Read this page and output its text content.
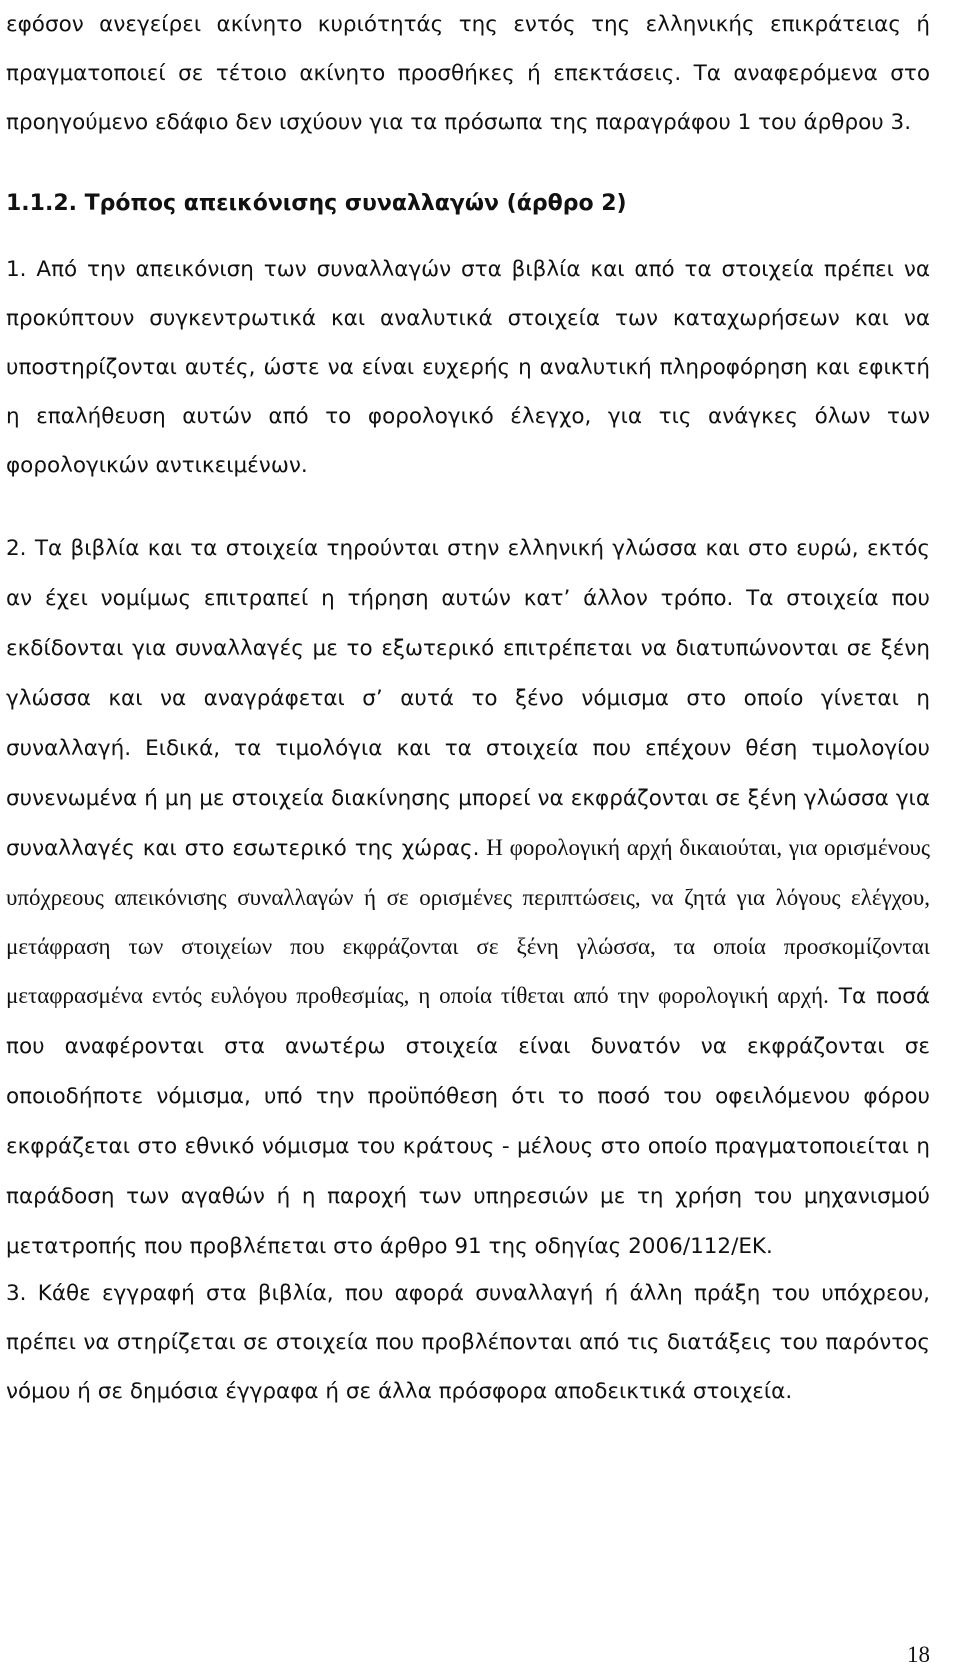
εφόσον ανεγείρει ακίνητο κυριότητάς της εντός της ελληνικής επικράτειας ή πραγματοποιεί σε τέτοιο ακίνητο προσθήκες ή επεκτάσεις. Τα αναφερόμενα στο προηγούμενο εδάφιο δεν ισχύουν για τα πρόσωπα της παραγράφου 1 του άρθρου 3.

1.1.2. Τρόπος απεικόνισης συναλλαγών (άρθρο 2)

1. Από την απεικόνιση των συναλλαγών στα βιβλία και από τα στοιχεία πρέπει να προκύπτουν συγκεντρωτικά και αναλυτικά στοιχεία των καταχωρήσεων και να υποστηρίζονται αυτές, ώστε να είναι ευχερής η αναλυτική πληροφόρηση και εφικτή η επαλήθευση αυτών από το φορολογικό έλεγχο, για τις ανάγκες όλων των φορολογικών αντικειμένων.

2. Τα βιβλία και τα στοιχεία τηρούνται στην ελληνική γλώσσα και στο ευρώ, εκτός αν έχει νομίμως επιτραπεί η τήρηση αυτών κατ’ άλλον τρόπο. Τα στοιχεία που εκδίδονται για συναλλαγές με το εξωτερικό επιτρέπεται να διατυπώνονται σε ξένη γλώσσα και να αναγράφεται σ’ αυτά το ξένο νόμισμα στο οποίο γίνεται η συναλλαγή. Ειδικά, τα τιμολόγια και τα στοιχεία που επέχουν θέση τιμολογίου συνενωμένα ή μη με στοιχεία διακίνησης μπορεί να εκφράζονται σε ξένη γλώσσα για συναλλαγές και στο εσωτερικό της χώρας. Η φορολογική αρχή δικαιούται, για ορισμένους υπόχρεους απεικόνισης συναλλαγών ή σε ορισμένες περιπτώσεις, να ζητά για λόγους ελέγχου, μετάφραση των στοιχείων που εκφράζονται σε ξένη γλώσσα, τα οποία προσκομίζονται μεταφρασμένα εντός ευλόγου προθεσμίας, η οποία τίθεται από την φορολογική αρχή. Τα ποσά που αναφέρονται στα ανωτέρω στοιχεία είναι δυνατόν να εκφράζονται σε οποιοδήποτε νόμισμα, υπό την προϋπόθεση ότι το ποσό του οφειλόμενου φόρου εκφράζεται στο εθνικό νόμισμα του κράτους - μέλους στο οποίο πραγματοποιείται η παράδοση των αγαθών ή η παροχή των υπηρεσιών με τη χρήση του μηχανισμού μετατροπής που προβλέπεται στο άρθρο 91 της οδηγίας 2006/112/ΕΚ.

3. Κάθε εγγραφή στα βιβλία, που αφορά συναλλαγή ή άλλη πράξη του υπόχρεου, πρέπει να στηρίζεται σε στοιχεία που προβλέπονται από τις διατάξεις του παρόντος νόμου ή σε δημόσια έγγραφα ή σε άλλα πρόσφορα αποδεικτικά στοιχεία.

18
